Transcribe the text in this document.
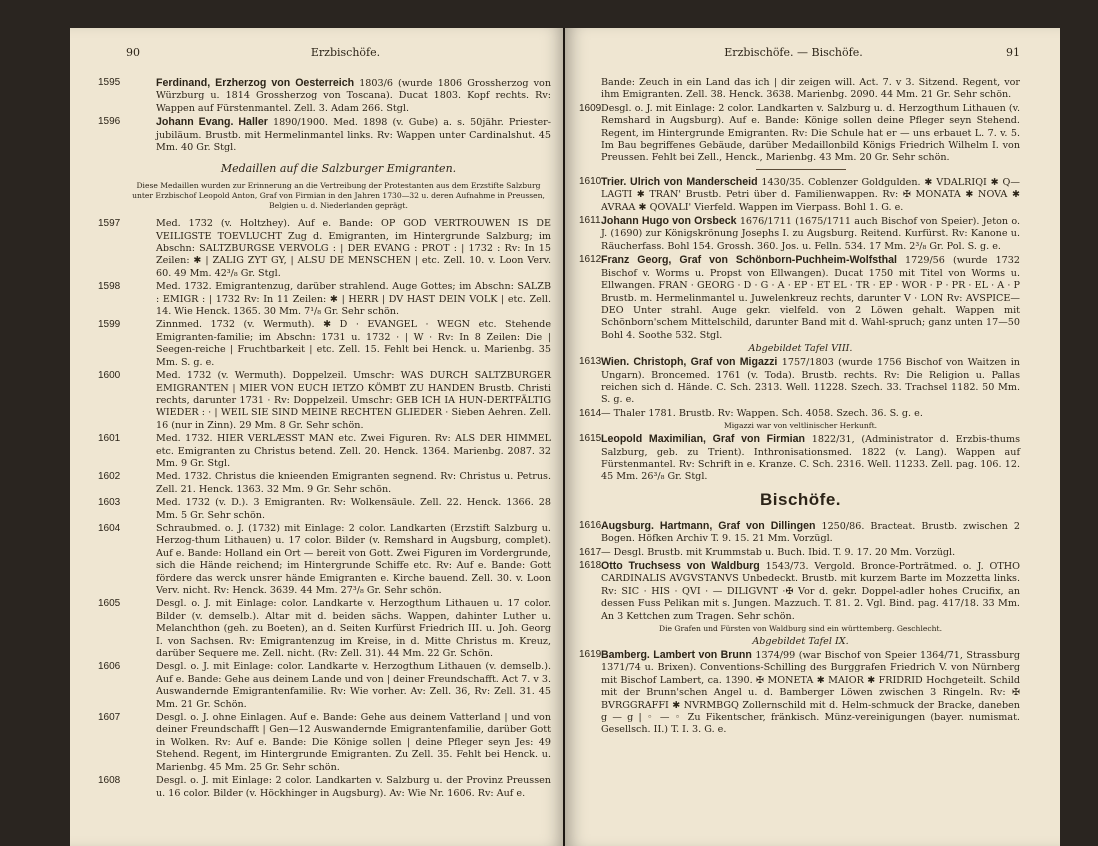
90	Erzbischöfe.
1595	Ferdinand, Erzherzog von Oesterreich 1803/6 (wurde 1806 Grossherzog von Würzburg u. 1814 Grossherzog von Toscana). Ducat 1803. Kopf rechts. Rv: Wappen auf Fürstenmantel. Zell. 3. Adam 266. Stgl.
1596	Johann Evang. Haller 1890/1900. Med. 1898 (v. Gube) a. s. 50jähr. Priester-jubiläum. Brustb. mit Hermelinmantel links. Rv: Wappen unter Cardinalshut. 45 Mm. 40 Gr. Stgl.
Medaillen auf die Salzburger Emigranten.
Diese Medaillen wurden zur Erinnerung an die Vertreibung der Protestanten aus dem Erzstifte Salzburg unter Erzbischof Leopold Anton, Graf von Firmian in den Jahren 1730—32 u. deren Aufnahme in Preussen, Belgien u. d. Niederlanden geprägt.
1597	Med. 1732 (v. Holtzhey). Auf e. Bande: OP GOD VERTROUWEN IS DE VEILIGSTE TOEVLUCHT Zug d. Emigranten, im Hintergrunde Salzburg; im Abschn: SALTZBURGSE VERVOLG : | DER EVANG : PROT : | 1732 : Rv: In 15 Zeilen: ✱ | ZALIG ZYT GY, | ALSU DE MENSCHEN | etc. Zell. 10. v. Loon Verv. 60. 49 Mm. 42³/₈ Gr. Stgl.
1598	Med. 1732. Emigrantenzug, darüber strahlend. Auge Gottes; im Abschn: SALZB : EMIGR : | 1732 Rv: In 11 Zeilen: ✱ | HERR | DV HAST DEIN VOLK | etc. Zell. 14. Wie Henck. 1365. 30 Mm. 7¹/₈ Gr. Sehr schön.
1599	Zinnmed. 1732 (v. Wermuth). ✱ D · EVANGEL · WEGN etc. Stehende Emigranten-familie; im Abschn: 1731 u. 1732 · | W · Rv: In 8 Zeilen: Die | Seegen-reiche | Fruchtbarkeit | etc. Zell. 15. Fehlt bei Henck. u. Marienbg. 35 Mm. S. g. e.
1600	Med. 1732 (v. Wermuth). Doppelzeil. Umschr: WAS DURCH SALTZBURGER EMIGRANTEN | MIER VON EUCH IETZO KÖMBT ZU HANDEN Brustb. Christi rechts, darunter 1731 · Rv: Doppelzeil. Umschr: GEB ICH IA HUN-DERTFÄLTIG WIEDER : · | WEIL SIE SIND MEINE RECHTEN GLIEDER · Sieben Aehren. Zell. 16 (nur in Zinn). 29 Mm. 8 Gr. Sehr schön.
1601	Med. 1732. HIER VERLÆSST MAN etc. Zwei Figuren. Rv: ALS DER HIMMEL etc. Emigranten zu Christus betend. Zell. 20. Henck. 1364. Marienbg. 2087. 32 Mm. 9 Gr. Stgl.
1602	Med. 1732. Christus die knieenden Emigranten segnend. Rv: Christus u. Petrus. Zell. 21. Henck. 1363. 32 Mm. 9 Gr. Sehr schön.
1603	Med. 1732 (v. D.). 3 Emigranten. Rv: Wolkensäule. Zell. 22. Henck. 1366. 28 Mm. 5 Gr. Sehr schön.
1604	Schraubmed. o. J. (1732) mit Einlage: 2 color. Landkarten (Erzstift Salzburg u. Herzog-thum Lithauen) u. 17 color. Bilder (v. Remshard in Augsburg, complet). Auf e. Bande: Holland ein Ort — bereit von Gott. Zwei Figuren im Vordergrunde, sich die Hände reichend; im Hintergrunde Schiffe etc. Rv: Auf e. Bande: Gott fördere das werck unsrer hände Emigranten e. Kirche bauend. Zell. 30. v. Loon Verv. nicht. Rv: Henck. 3639. 44 Mm. 27³/₈ Gr. Sehr schön.
1605	Desgl. o. J. mit Einlage: color. Landkarte v. Herzogthum Lithauen u. 17 color. Bilder (v. demselb.). Altar mit d. beiden sächs. Wappen, dahinter Luther u. Melanchthon (geh. zu Boeten), an d. Seiten Kurfürst Friedrich III. u. Joh. Georg I. von Sachsen. Rv: Emigrantenzug im Kreise, in d. Mitte Christus m. Kreuz, darüber Sequere me. Zell. nicht. (Rv: Zell. 31). 44 Mm. 22 Gr. Schön.
1606	Desgl. o. J. mit Einlage: color. Landkarte v. Herzogthum Lithauen (v. demselb.). Auf e. Bande: Gehe aus deinem Lande und von | deiner Freundschafft. Act 7. v 3. Auswandernde Emigrantenfamilie. Rv: Wie vorher. Av: Zell. 36, Rv: Zell. 31. 45 Mm. 21 Gr. Schön.
1607	Desgl. o. J. ohne Einlagen. Auf e. Bande: Gehe aus deinem Vatterland | und von deiner Freundschafft | Gen—12 Auswandernde Emigrantenfamilie, darüber Gott in Wolken. Rv: Auf e. Bande: Die Könige sollen | deine Pfleger seyn Jes: 49 Stehend. Regent, im Hintergrunde Emigranten. Zu Zell. 35. Fehlt bei Henck. u. Marienbg. 45 Mm. 25 Gr. Sehr schön.
1608	Desgl. o. J. mit Einlage: 2 color. Landkarten v. Salzburg u. der Provinz Preussen u. 16 color. Bilder (v. Höckhinger in Augsburg). Av: Wie Nr. 1606. Rv: Auf e.
Erzbischöfe. — Bischöfe.	91
Bande: Zeuch in ein Land das ich | dir zeigen will. Act. 7. v 3. Sitzend. Regent, vor ihm Emigranten. Zell. 38. Henck. 3638. Marienbg. 2090. 44 Mm. 21 Gr. Sehr schön.
1609 Desgl. o. J. mit Einlage: 2 color. Landkarten v. Salzburg u. d. Herzogthum Lithauen (v. Remshard in Augsburg). Auf e. Bande: Könige sollen deine Pfleger seyn Stehend. Regent, im Hintergrunde Emigranten. Rv: Die Schule hat er — uns erbauet L. 7. v. 5. Im Bau begriffenes Gebäude, darüber Medaillonbild Königs Friedrich Wilhelm I. von Preussen. Fehlt bei Zell., Henck., Marienbg. 43 Mm. 20 Gr. Sehr schön.
1610 Trier. Ulrich von Manderscheid 1430/35. Coblenzer Goldgulden. ✱ VDALRIQI ✱ Q—LAGTI ✱ TRAN' Brustb. Petri über d. Familienwappen. Rv: ✠ MONATA ✱ NOVA ✱ AVRAA ✱ QOVALI' Vierfeld. Wappen im Vierpass. Bohl 1. G. e.
1611 Johann Hugo von Orsbeck 1676/1711 (1675/1711 auch Bischof von Speier). Jeton o. J. (1690) zur Königskrönung Josephs I. zu Augsburg. Reitend. Kurfürst. Rv: Kanone u. Räucherfass. Bohl 154. Grossh. 360. Jos. u. Felln. 534. 17 Mm. 2³/₈ Gr. Pol. S. g. e.
1612 Franz Georg, Graf von Schönborn-Puchheim-Wolfsthal 1729/56 (wurde 1732 Bischof v. Worms u. Propst von Ellwangen). Ducat 1750 mit Titel von Worms u. Ellwangen. FRAN · GEORG · D · G · A · EP · ET EL · TR · EP · WOR · P · PR · EL · A · P Brustb. m. Hermelinmantel u. Juwelenkreuz rechts, darunter V · LON Rv: AVSPICE—DEO Unter strahl. Auge gekr. vielfeld. von 2 Löwen gehalt. Wappen mit Schönborn'schem Mittelschild, darunter Band mit d. Wahl-spruch; ganz unten 17—50 Bohl 4. Soothe 532. Stgl.
Abgebildet Tafel VIII.
1613 Wien. Christoph, Graf von Migazzi 1757/1803 (wurde 1756 Bischof von Waitzen in Ungarn). Broncemed. 1761 (v. Toda). Brustb. rechts. Rv: Die Religion u. Pallas reichen sich d. Hände. C. Sch. 2313. Well. 11228. Szech. 33. Trachsel 1182. 50 Mm. S. g. e.
1614 — Thaler 1781. Brustb. Rv: Wappen. Sch. 4058. Szech. 36. S. g. e.
Migazzi war von veltlinischer Herkunft.
1615 Leopold Maximilian, Graf von Firmian 1822/31, (Administrator d. Erzbis-thums Salzburg, geb. zu Trient). Inthronisationsmed. 1822 (v. Lang). Wappen auf Fürstenmantel. Rv: Schrift in e. Kranze. C. Sch. 2316. Well. 11233. Zell. pag. 106. 12. 45 Mm. 26³/₈ Gr. Stgl.
Bischöfe.
1616 Augsburg. Hartmann, Graf von Dillingen 1250/86. Bracteat. Brustb. zwischen 2 Bogen. Höfken Archiv T. 9. 15. 21 Mm. Vorzügl.
1617 — Desgl. Brustb. mit Krummstab u. Buch. Ibid. T. 9. 17. 20 Mm. Vorzügl.
1618 Otto Truchsess von Waldburg 1543/73. Vergold. Bronce-Porträtmed. o. J. OTHO CARDINALIS AVGVSTANVS Unbedeckt. Brustb. mit kurzem Barte im Mozzetta links. Rv: SIC · HIS · QVI · — DILIGVNT ·✠ Vor d. gekr. Doppel-adler hohes Crucifix, an dessen Fuss Pelikan mit s. Jungen. Mazzuch. T. 81. 2. Vgl. Bind. pag. 417/18. 33 Mm. An 3 Kettchen zum Tragen. Sehr schön.
Die Grafen und Fürsten von Waldburg sind ein württemberg. Geschlecht.
Abgebildet Tafel IX.
1619 Bamberg. Lambert von Brunn 1374/99 (war Bischof von Speier 1364/71, Strassburg 1371/74 u. Brixen). Conventions-Schilling des Burggrafen Friedrich V. von Nürnberg mit Bischof Lambert, ca. 1390. ✠ MONETA ✱ MAIOR ✱ FRIDRID Hochgeteilt. Schild mit der Brunn'schen Angel u. d. Bamberger Löwen zwischen 3 Ringeln. Rv: ✠ BVRGGRAFFI ✱ NVRMBGQ Zollernschild mit d. Helm-schmuck der Bracke, daneben g — g | ◦ — ◦ Zu Fikentscher, fränkisch. Münz-vereinigungen (bayer. numismat. Gesellsch. II.) T. I. 3. G. e.
